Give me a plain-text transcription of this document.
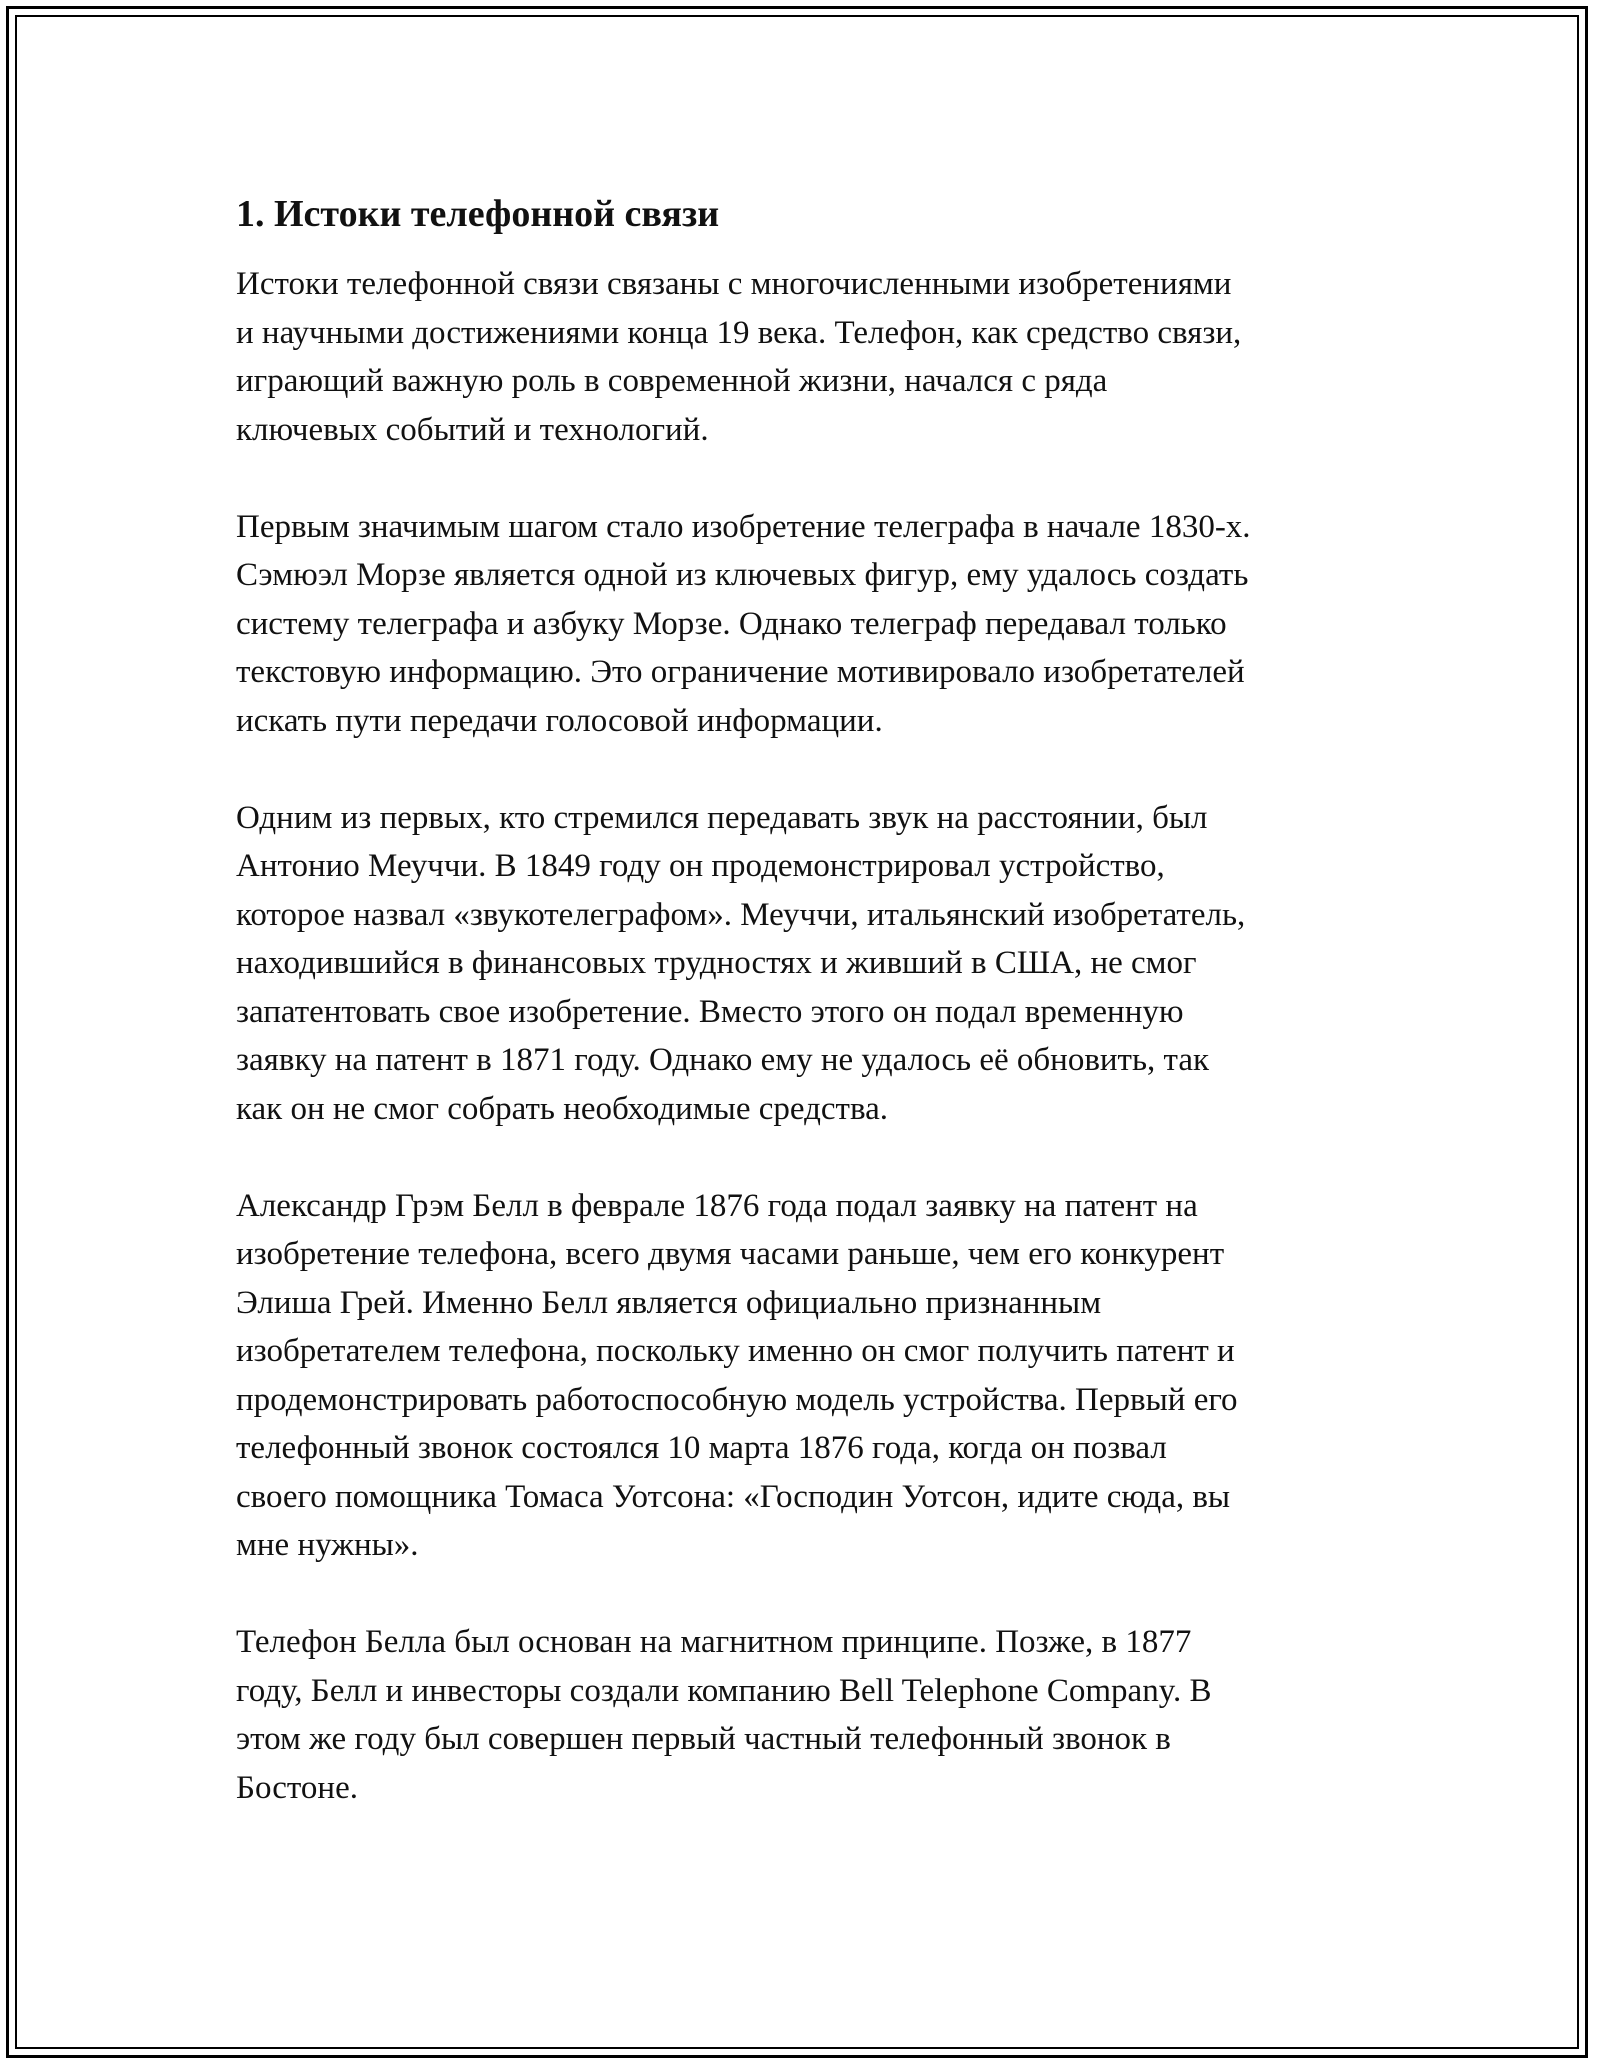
1. Истоки телефонной связи

Истоки телефонной связи связаны с многочисленными изобретениями
и научными достижениями конца 19 века. Телефон, как средство связи,
играющий важную роль в современной жизни, начался с ряда
ключевых событий и технологий.

Первым значимым шагом стало изобретение телеграфа в начале 1830-х.
Сэмюэл Морзе является одной из ключевых фигур, ему удалось создать
систему телеграфа и азбуку Морзе. Однако телеграф передавал только
текстовую информацию. Это ограничение мотивировало изобретателей
искать пути передачи голосовой информации.

Одним из первых, кто стремился передавать звук на расстоянии, был
Антонио Меуччи. В 1849 году он продемонстрировал устройство,
которое назвал «звукотелеграфом». Меуччи, итальянский изобретатель,
находившийся в финансовых трудностях и живший в США, не смог
запатентовать свое изобретение. Вместо этого он подал временную
заявку на патент в 1871 году. Однако ему не удалось её обновить, так
как он не смог собрать необходимые средства.

Александр Грэм Белл в феврале 1876 года подал заявку на патент на
изобретение телефона, всего двумя часами раньше, чем его конкурент
Элиша Грей. Именно Белл является официально признанным
изобретателем телефона, поскольку именно он смог получить патент и
продемонстрировать работоспособную модель устройства. Первый его
телефонный звонок состоялся 10 марта 1876 года, когда он позвал
своего помощника Томаса Уотсона: «Господин Уотсон, идите сюда, вы
мне нужны».

Телефон Белла был основан на магнитном принципе. Позже, в 1877
году, Белл и инвесторы создали компанию Bell Telephone Company. В
этом же году был совершен первый частный телефонный звонок в
Бостоне.
